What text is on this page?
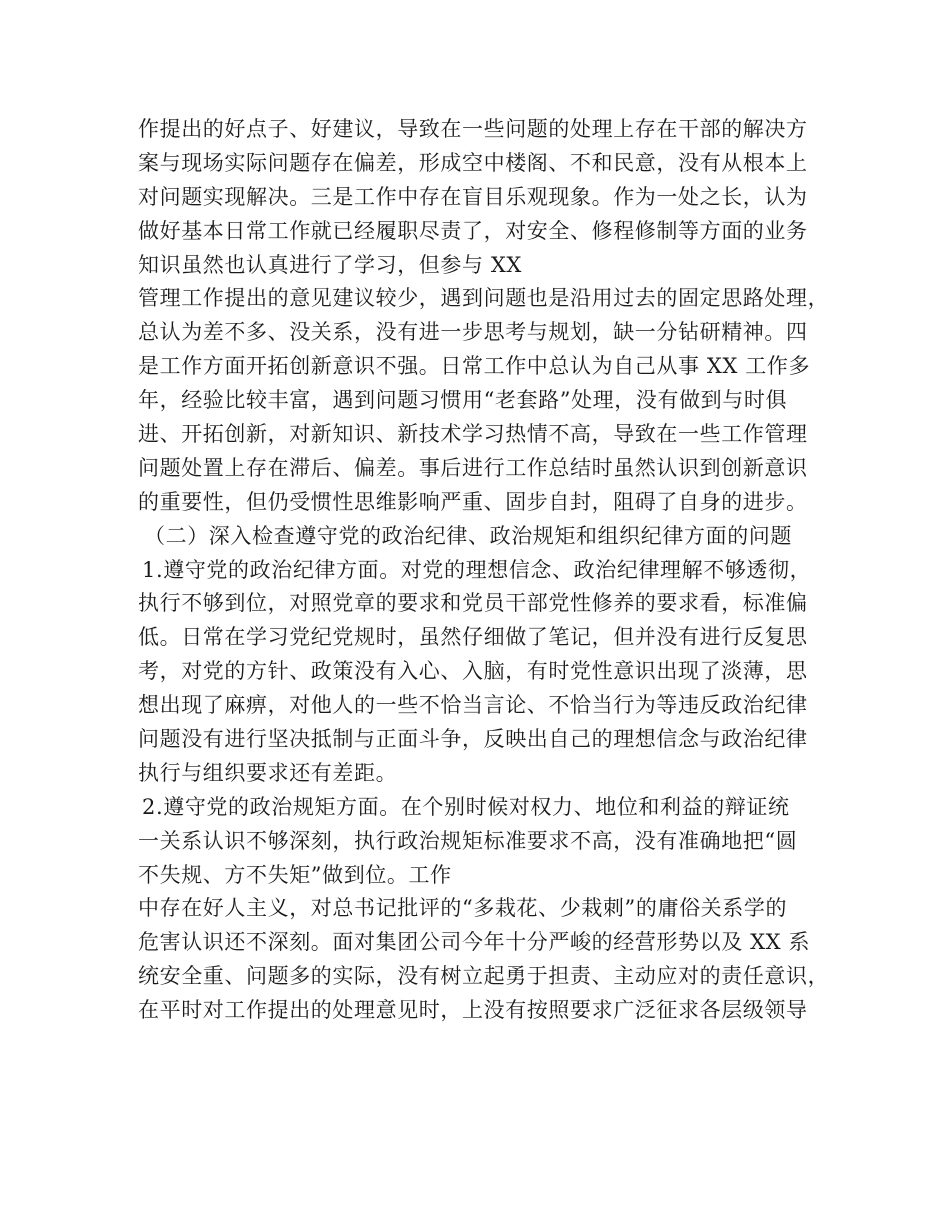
作提出的好点子、好建议，导致在一些问题的处理上存在干部的解决方
案与现场实际问题存在偏差，形成空中楼阁、不和民意，没有从根本上
对问题实现解决。三是工作中存在盲目乐观现象。作为一处之长，认为
做好基本日常工作就已经履职尽责了，对安全、修程修制等方面的业务
知识虽然也认真进行了学习，但参与 XX
管理工作提出的意见建议较少，遇到问题也是沿用过去的固定思路处理，
总认为差不多、没关系，没有进一步思考与规划，缺一分钻研精神。四
是工作方面开拓创新意识不强。日常工作中总认为自己从事 XX 工作多
年，经验比较丰富，遇到问题习惯用“老套路”处理，没有做到与时俱
进、开拓创新，对新知识、新技术学习热情不高，导致在一些工作管理
问题处置上存在滞后、偏差。事后进行工作总结时虽然认识到创新意识
的重要性，但仍受惯性思维影响严重、固步自封，阻碍了自身的进步。
（二）深入检查遵守党的政治纪律、政治规矩和组织纪律方面的问题
1.遵守党的政治纪律方面。对党的理想信念、政治纪律理解不够透彻，
执行不够到位，对照党章的要求和党员干部党性修养的要求看，标准偏
低。日常在学习党纪党规时，虽然仔细做了笔记，但并没有进行反复思
考，对党的方针、政策没有入心、入脑，有时党性意识出现了淡薄，思
想出现了麻痹，对他人的一些不恰当言论、不恰当行为等违反政治纪律
问题没有进行坚决抵制与正面斗争，反映出自己的理想信念与政治纪律
执行与组织要求还有差距。
2.遵守党的政治规矩方面。在个别时候对权力、地位和利益的辩证统
一关系认识不够深刻，执行政治规矩标准要求不高，没有准确地把“圆
不失规、方不失矩”做到位。工作
中存在好人主义，对总书记批评的“多栽花、少栽刺”的庸俗关系学的
危害认识还不深刻。面对集团公司今年十分严峻的经营形势以及 XX 系
统安全重、问题多的实际，没有树立起勇于担责、主动应对的责任意识，
在平时对工作提出的处理意见时，上没有按照要求广泛征求各层级领导
